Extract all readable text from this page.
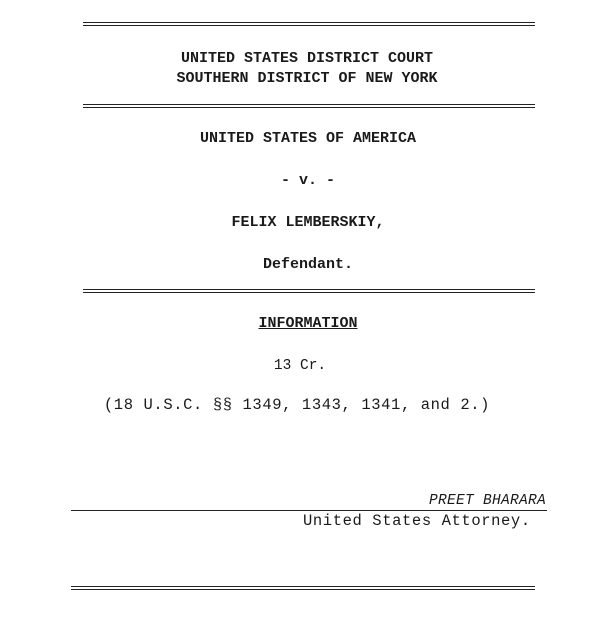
UNITED STATES DISTRICT COURT
SOUTHERN DISTRICT OF NEW YORK
UNITED STATES OF AMERICA
- v. -
FELIX LEMBERSKIY,
Defendant.
INFORMATION
13 Cr.
(18 U.S.C. §§ 1349, 1343, 1341, and 2.)
PREET BHARARA
United States Attorney.
